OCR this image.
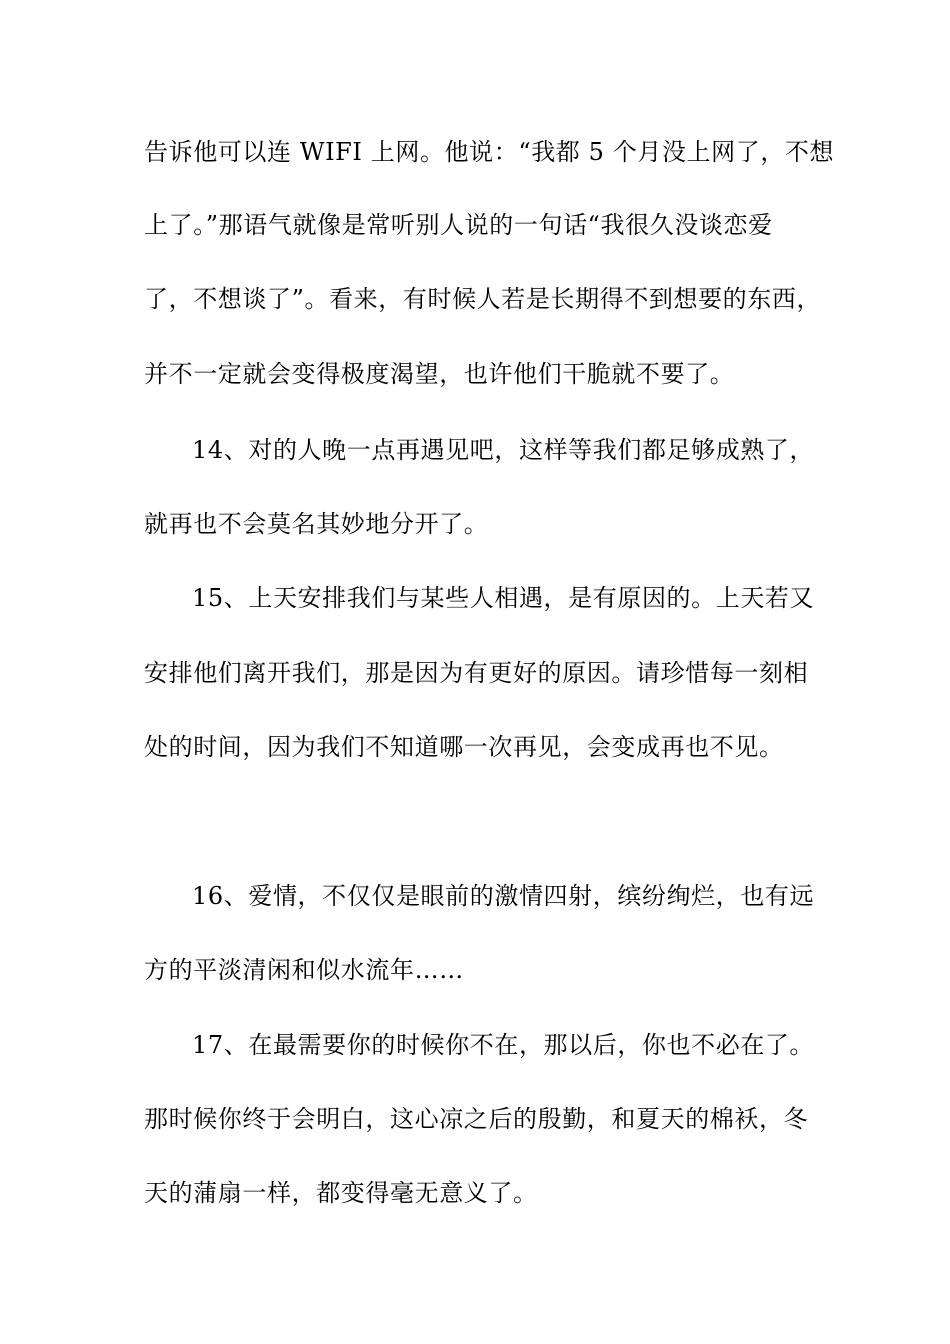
告诉他可以连 WIFI 上网。他说：“我都 5 个月没上网了，不想
上了。”那语气就像是常听别人说的一句话“我很久没谈恋爱
了，不想谈了”。看来，有时候人若是长期得不到想要的东西，
并不一定就会变得极度渴望，也许他们干脆就不要了。
14、对的人晚一点再遇见吧，这样等我们都足够成熟了，
就再也不会莫名其妙地分开了。
15、上天安排我们与某些人相遇，是有原因的。上天若又
安排他们离开我们，那是因为有更好的原因。请珍惜每一刻相
处的时间，因为我们不知道哪一次再见，会变成再也不见。
16、爱情，不仅仅是眼前的激情四射，缤纷绚烂，也有远
方的平淡清闲和似水流年……
17、在最需要你的时候你不在，那以后，你也不必在了。
那时候你终于会明白，这心凉之后的殷勤，和夏天的棉袄，冬
天的蒲扇一样，都变得毫无意义了。
